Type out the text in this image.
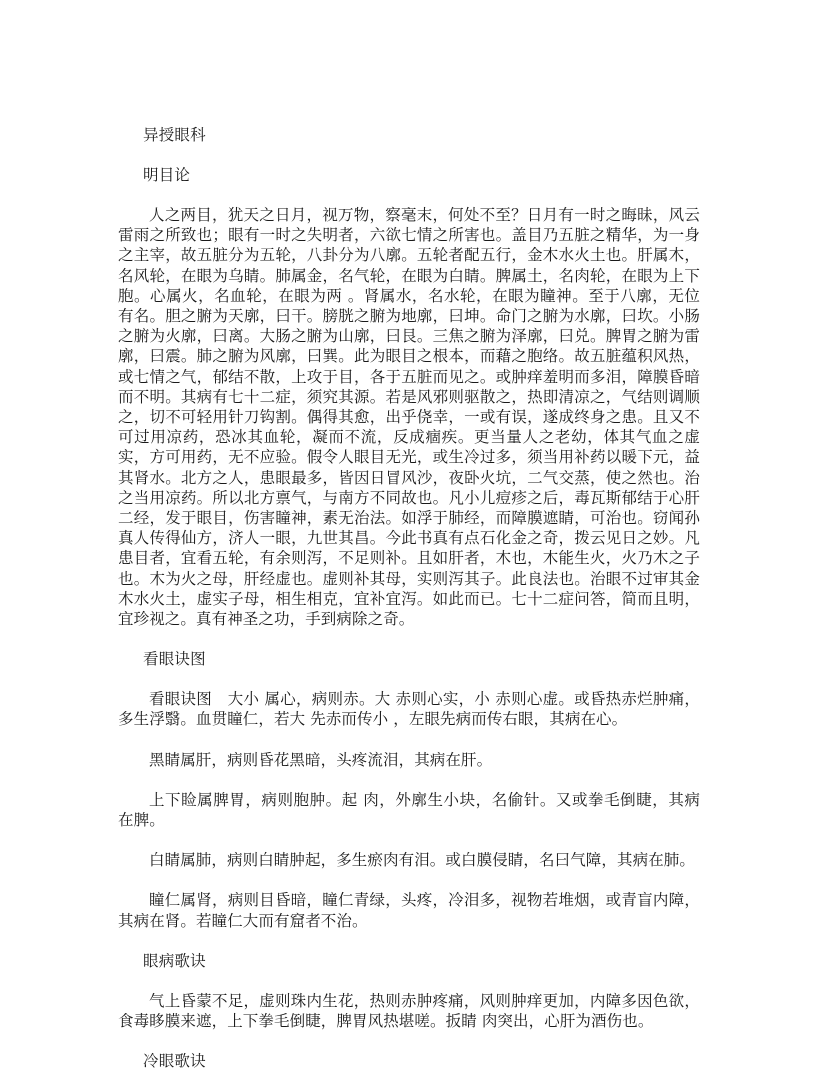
异授眼科
明目论

人之两目，犹天之日月，视万物，察毫末，何处不至？日月有一时之晦昧，风云雷雨之所致也；眼有一时之失明者，六欲七情之所害也。盖目乃五脏之精华，为一身之主宰，故五脏分为五轮，八卦分为八廓。五轮者配五行，金木水火土也。肝属木，名风轮，在眼为乌睛。肺属金，名气轮，在眼为白睛。脾属土，名肉轮，在眼为上下胞。心属火，名血轮，在眼为两 。肾属水，名水轮，在眼为瞳神。至于八廓，无位有名。胆之腑为天廓，曰干。膀胱之腑为地廓，曰坤。命门之腑为水廓，曰坎。小肠之腑为火廓，曰离。大肠之腑为山廓，曰艮。三焦之腑为泽廓，曰兑。脾胃之腑为雷廓，曰震。肺之腑为风廓，曰巽。此为眼目之根本，而藉之胞络。故五脏蕴积风热，或七情之气，郁结不散，上攻于目，各于五脏而见之。或肿痒羞明而多泪，障膜昏暗而不明。其病有七十二症，须究其源。若是风邪则驱散之，热即清凉之，气结则调顺之，切不可轻用针刀钩割。偶得其愈，出乎侥幸，一或有误，遂成终身之患。且又不可过用凉药，恐冰其血轮，凝而不流，反成痼疾。更当量人之老幼，体其气血之虚实，方可用药，无不应验。假令人眼目无光，或生冷过多，须当用补药以暖下元，益其肾水。北方之人，患眼最多，皆因日冒风沙，夜卧火坑，二气交蒸，使之然也。治之当用凉药。所以北方禀气，与南方不同故也。凡小儿痘疹之后，毒瓦斯郁结于心肝二经，发于眼目，伤害瞳神，素无治法。如浮于肺经，而障膜遮睛，可治也。窃闻孙真人传得仙方，济人一眼，九世其昌。今此书真有点石化金之奇，拨云见日之妙。凡患目者，宜看五轮，有余则泻，不足则补。且如肝者，木也，木能生火，火乃木之子也。木为火之母，肝经虚也。虚则补其母，实则泻其子。此良法也。治眼不过审其金木水火土，虚实子母，相生相克，宜补宜泻。如此而已。七十二症问答，简而且明，宜珍视之。真有神圣之功，手到病除之奇。

看眼诀图

看眼诀图　大小 属心，病则赤。大 赤则心实，小 赤则心虚。或昏热赤烂肿痛，多生浮翳。血贯瞳仁，若大 先赤而传小 ，左眼先病而传右眼，其病在心。

黑睛属肝，病则昏花黑暗，头疼流泪，其病在肝。

上下睑属脾胃，病则胞肿。起 肉，外廓生小块，名偷针。又或拳毛倒睫，其病在脾。

白睛属肺，病则白睛肿起，多生瘀肉有泪。或白膜侵睛，名曰气障，其病在肺。

瞳仁属肾，病则目昏暗，瞳仁青绿，头疼，冷泪多，视物若堆烟，或青盲内障，其病在肾。若瞳仁大而有窟者不治。

眼病歌诀

气上昏蒙不足，虚则珠内生花，热则赤肿疼痛，风则肿痒更加，内障多因色欲，食毒眵膜来遮，上下拳毛倒睫，脾胃风热堪嗟。扳睛 肉突出，心肝为酒伤也。

冷眼歌诀
